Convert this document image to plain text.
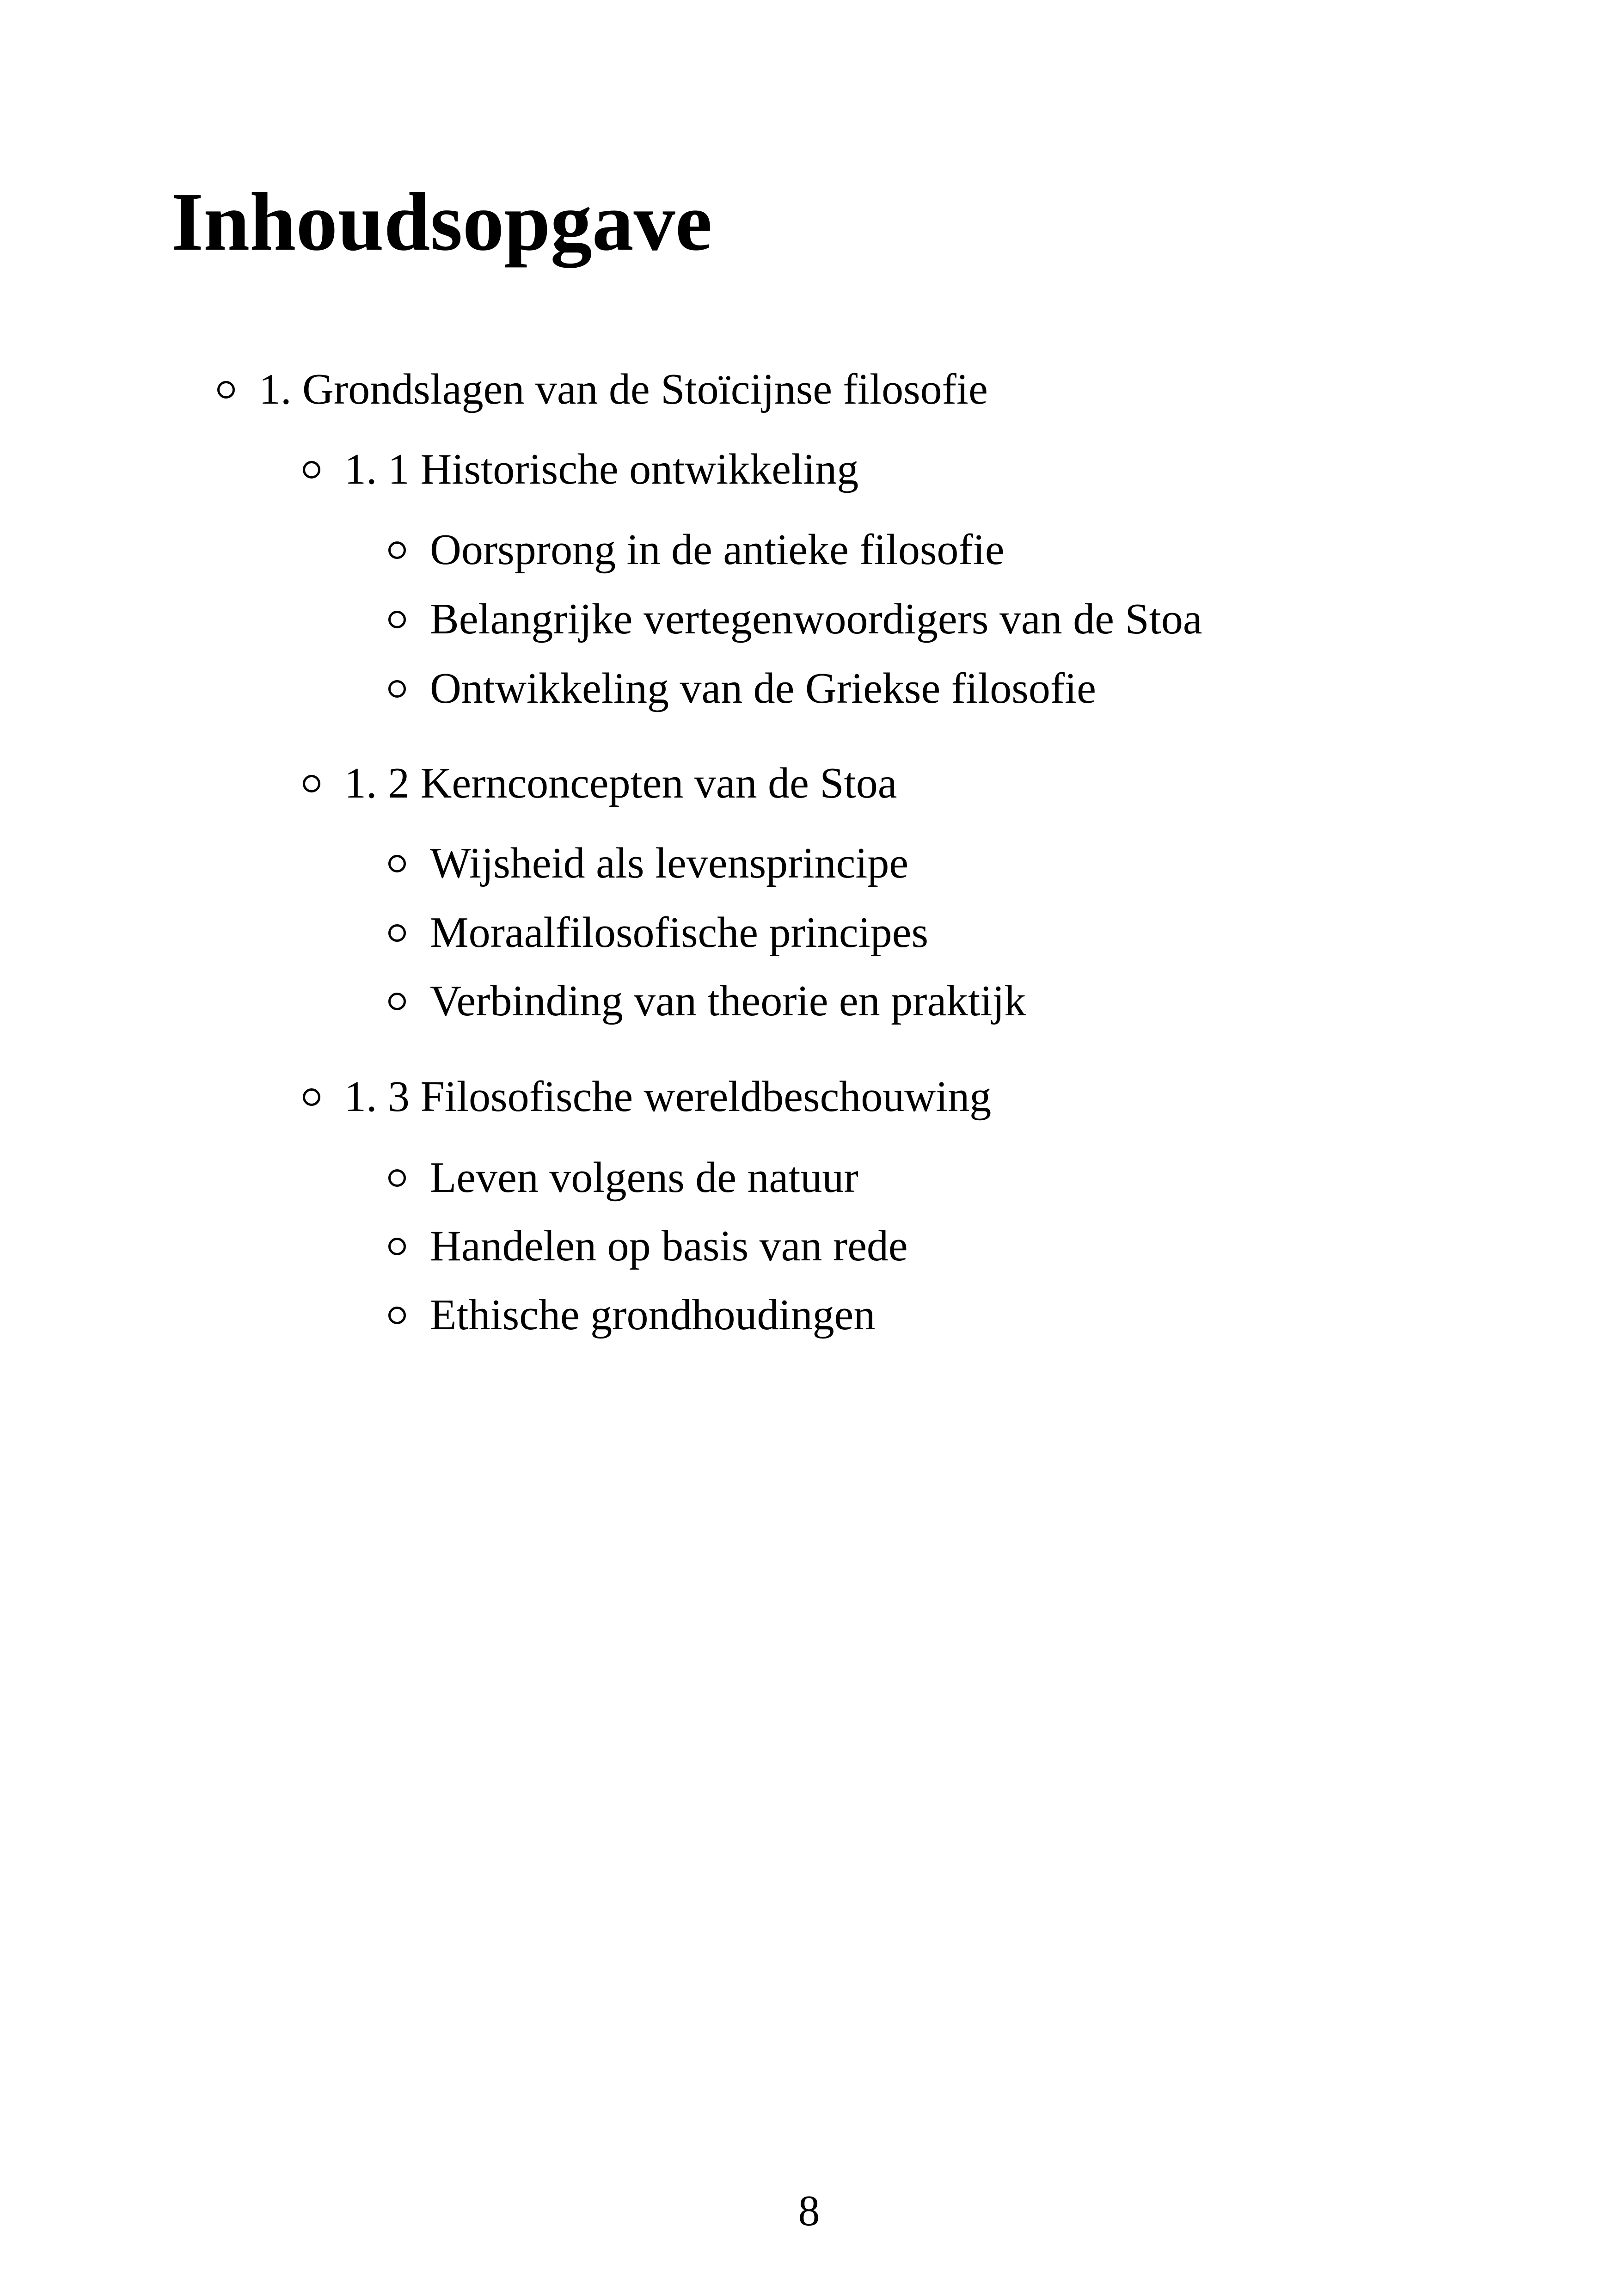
Inhoudsopgave
1. Grondslagen van de Stoïcijnse filosofie
1. 1 Historische ontwikkeling
Oorsprong in de antieke filosofie
Belangrijke vertegenwoordigers van de Stoa
Ontwikkeling van de Griekse filosofie
1. 2 Kernconcepten van de Stoa
Wijsheid als levensprincipe
Moraalfilosofische principes
Verbinding van theorie en praktijk
1. 3 Filosofische wereldbeschouwing
Leven volgens de natuur
Handelen op basis van rede
Ethische grondhoudingen
8
